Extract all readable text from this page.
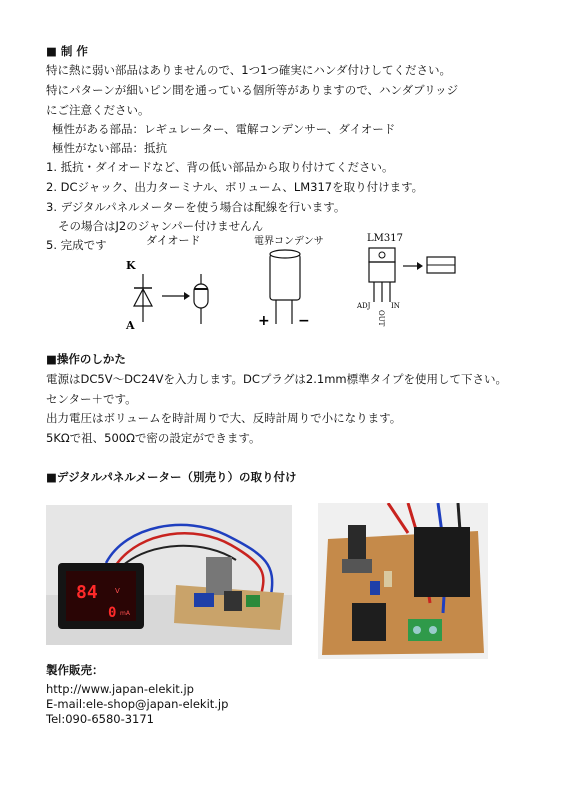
■ 制 作
特に熱に弱い部品はありませんので、1つ1つ確実にハンダ付けしてください。
特にパターンが細いピン間を通っている個所等がありますので、ハンダブリッジ
にご注意ください。
極性がある部品：レギュレーター、電解コンデンサー、ダイオード
極性がない部品：抵抗
1. 抵抗・ダイオードなど、背の低い部品から取り付けてください。
2. DCジャック、出力ターミナル、ボリューム、LM317を取り付けます。
3. デジタルパネルメーターを使う場合は配線を行います。
その場合はJ2のジャンパー付けませんん
5. 完成です	ダイオード
K
A
電界コンデンサ
+ −
LM317
ADJ	IN
OUT
■操作のしかた
電源はDC5V〜DC24Vを入力します。DCプラグは2.1mm標準タイプを使用して下さい。
センター＋です。
出力電圧はボリュームを時計周りで大、反時計周りで小になります。
5KΩで祖、500Ωで密の設定ができます。
■デジタルパネルメーター（別売り）の取り付け
84 V
0 mA
製作販売：
http://www.japan-elekit.jp
E-mail:ele-shop@japan-elekit.jp
Tel:090-6580-3171
